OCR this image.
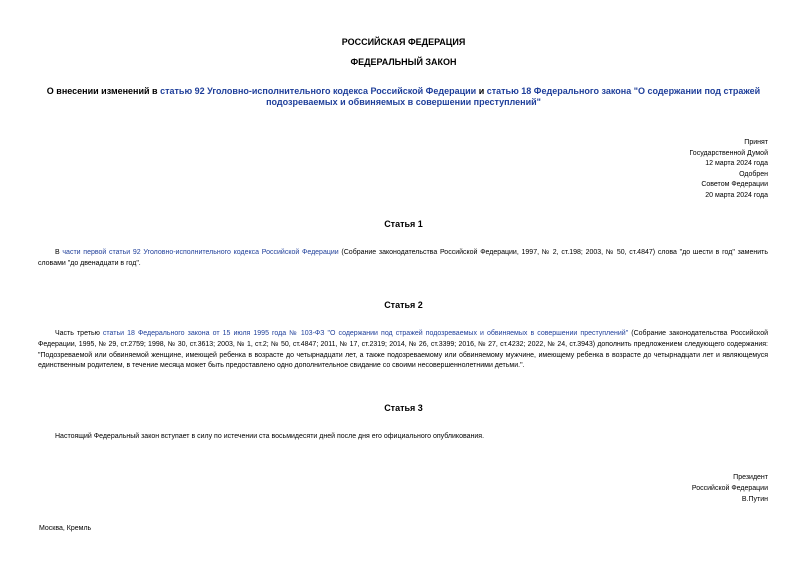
РОССИЙСКАЯ ФЕДЕРАЦИЯ
ФЕДЕРАЛЬНЫЙ ЗАКОН
О внесении изменений в статью 92 Уголовно-исполнительного кодекса Российской Федерации и статью 18 Федерального закона "О содержании под стражей подозреваемых и обвиняемых в совершении преступлений"
Принят
Государственной Думой
12 марта 2024 года
Одобрен
Советом Федерации
20 марта 2024 года
Статья 1
В части первой статьи 92 Уголовно-исполнительного кодекса Российской Федерации (Собрание законодательства Российской Федерации, 1997, № 2, ст.198; 2003, № 50, ст.4847) слова "до шести в год" заменить словами "до двенадцати в год".
Статья 2
Часть третью статьи 18 Федерального закона от 15 июля 1995 года № 103-ФЗ "О содержании под стражей подозреваемых и обвиняемых в совершении преступлений" (Собрание законодательства Российской Федерации, 1995, № 29, ст.2759; 1998, № 30, ст.3613; 2003, № 1, ст.2; № 50, ст.4847; 2011, № 17, ст.2319; 2014, № 26, ст.3399; 2016, № 27, ст.4232; 2022, № 24, ст.3943) дополнить предложением следующего содержания: "Подозреваемой или обвиняемой женщине, имеющей ребенка в возрасте до четырнадцати лет, а также подозреваемому или обвиняемому мужчине, имеющему ребенка в возрасте до четырнадцати лет и являющемуся единственным родителем, в течение месяца может быть предоставлено одно дополнительное свидание со своими несовершеннолетними детьми.".
Статья 3
Настоящий Федеральный закон вступает в силу по истечении ста восьмидесяти дней после дня его официального опубликования.
Президент
Российской Федерации
В.Путин
Москва, Кремль
